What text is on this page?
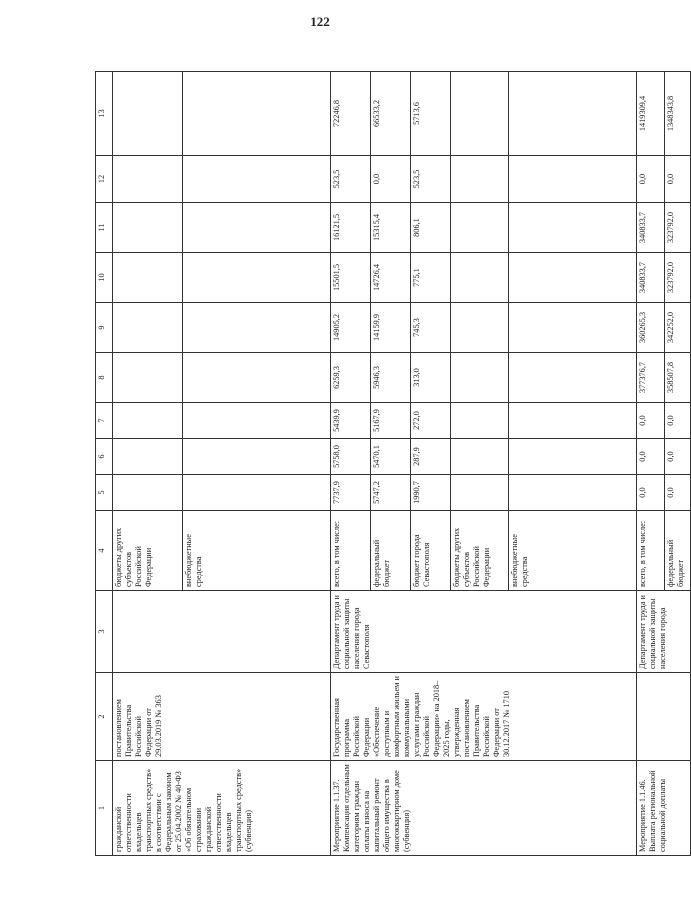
122
1	2	3	4	5	6	7	8	9	10	11	12	13
гражданской ответственности владельцев транспортных средств» в соответствии с Федеральным законом от 25.04.2002 № 40-ФЗ «Об обязательном страховании гражданской ответственности владельцев транспортных средств» (субвенция)	постановлением Правительства Российской Федерации от 29.03.2019 № 363		бюджеты других субъектов Российской Федерации									
			внебюджетные средства									
Мероприятие 1.1.37. Компенсация отдельным категориям граждан оплаты взноса на капитальный ремонт общего имущества в многоквартирном доме (субвенция)	Государственная программа Российской Федерации «Обеспечение доступным и комфортным жильем и коммунальными услугами граждан Российской Федерации» на 2018–2025 годы, утвержденная постановлением Правительства Российской Федерации от 30.12.2017 № 1710	Департамент труда и социальной защиты населения города Севастополя	всего, в том числе:	7737,9	5758,0	5439,9	6259,3	14905,2	15501,5	16121,5	523,5	72246,8
			федеральный бюджет	5747,2	5470,1	5167,9	5946,3	14159,9	14726,4	15315,4	0,0	66533,2
			бюджет города Севастополя	1990,7	287,9	272,0	313,0	745,3	775,1	806,1	523,5	5713,6
			бюджеты других субъектов Российской Федерации									
			внебюджетные средства									
Мероприятие 1.1.46. Выплата региональной социальной доплаты		Департамент труда и социальной защиты населения города	всего, в том числе:	0,0	0,0	0,0	377376,7	360265,3	340833,7	340833,7	0,0	1419309,4
			федеральный бюджет	0,0	0,0	0,0	358507,8	342252,0	323792,0	323792,0	0,0	1348343,8
